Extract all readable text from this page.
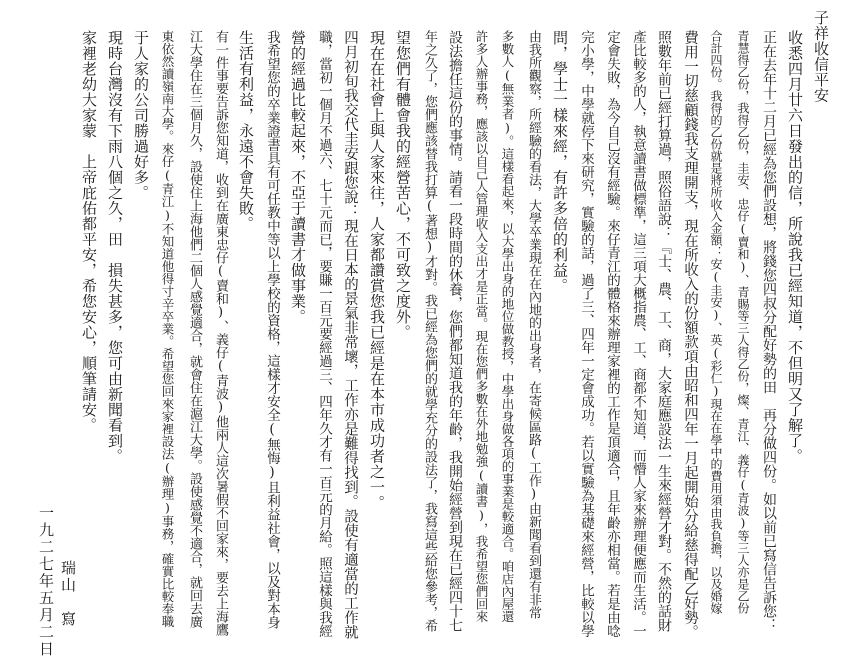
子祥收信平安
收悉四月廿六日發出的信，所說我已經知道，不但明又了解了。
正在去年十二月已經為您們設想，將錢您四叔分配好勢的田　再分做四份。如以前已寫信告訴您：
青慧得乙份，我得乙份，圭安、忠仔(賣和)、青賜等三人得乙份，燦、青江、義仔(青波)等三人亦是乙份
合計四份。我得的乙份就是將所收入金額：安(圭安)、英(彩仁)現在在學中的費用須由我負擔，以及婚嫁
費用一切慈顧錢我支理開支，現在所收入的份額款項由昭和四年一月起開始分給慈得配乙好勢。
照數年前已經打算過，照俗語說：『士、農、工、商，大家庭應設法一生來經營才對。不然的話財
產比較多的人，執意讀書做標準，這三項大概指農、工、商都不知道，而懵人家來辦理便應而生活。一
定會失敗，為今自己沒有經驗。來仔青江的體格來辦理家裡的工作是頂適合，且年齡亦相當。若是由唸
完小學，中學就停下來研究，實驗的話，過了三、四年一定會成功。若以實驗為基礎來經營，比較以學
問，學士一樣來經，有許多倍的利益。
由我所觀察，所經驗的看法，大學卒業現在在內地的出身者，在寄候區路(工作)由新聞看到還有非常
多數人(無業者)。這樣看起來，以大學出身的地位做教授，中學出身做各項的事業是較適合。咱店內屋還
許多人辦事務，應該以自己人管理收入支出才是正當。現在您們多數在外地勉強(讀書)，我希望您們回來
設法擔任這份的事情。請看一段時間的休養，您們都知道我的年齡，我開始經營到現在已經四十七
年之久了，您們應該替我打算(著想)才對。我已經為您們的就學充分的設法了，我寫這些給您參考，希
望您們有體會我的經營苦心，不可致之度外。
現在在社會上與人家來往，人家都讚賞您我已經是在本市成功者之一。
四月初旬我交代圭安跟您說：現在日本的景氣非常壞，工作亦是難得找到。設使有適當的工作就
職，當初一個月不過六、七十元而已，要賺一百元要經過三、四年久才有一百元的月給。照這樣與我經
營的經過比較起來，不亞于讀書才做事業。
我希望您的卒業證書具有可任教中等以上學校的資格，這樣才安全(無悔)且利益社會，以及對本身
生活有利益，永遠不會失敗。
有一件事要告訴您知道，收到在廣東忠仔(賣和)、義仔(青波)他兩人這次暑假不回家來，要去上海鷹
江大學住在三個月久，設使住上海他們二個人感覺適合，就會住在滬江大學。設使感覺不適合，就回去廣
東依然讀嶺南大學。來仔(青江)不知道他得寸辛卒業。希望您回來家裡設法(辦理)事務，確實比較奉職
于人家的公司勝過好多。
現時台灣沒有下雨八個之久，田　損失甚多，您可由新聞看到。
家裡老幼大家蒙　上帝庇佑都平安，希您安心，順筆請安。
瑞山　寫
一九二七年五月二日
